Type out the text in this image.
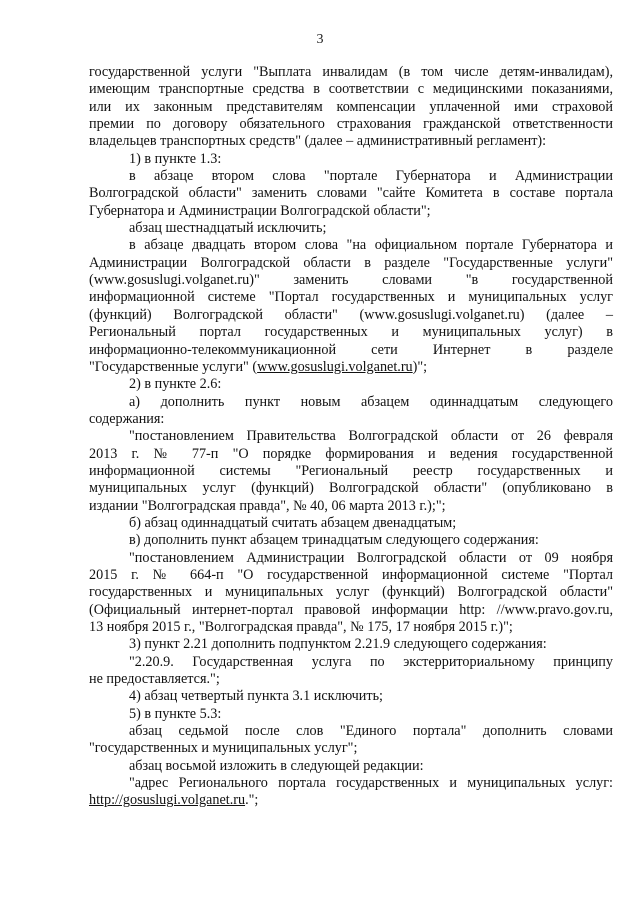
3
государственной услуги "Выплата инвалидам (в том числе детям-инвалидам),
имеющим транспортные средства в соответствии с медицинскими показаниями,
или их законным представителям компенсации уплаченной ими страховой
премии по договору обязательного страхования гражданской ответственности
владельцев транспортных средств" (далее – административный регламент):
1) в пункте 1.3:
в абзаце втором слова "портале Губернатора и Администрации
Волгоградской области" заменить словами "сайте Комитета в составе портала
Губернатора и Администрации Волгоградской области";
абзац шестнадцатый исключить;
в абзаце двадцать втором слова "на официальном портале Губернатора и
Администрации Волгоградской области в разделе "Государственные услуги"
(www.gosuslugi.volganet.ru)" заменить словами "в государственной
информационной системе "Портал государственных и муниципальных услуг
(функций) Волгоградской области" (www.gosuslugi.volganet.ru) (далее –
Региональный портал государственных и муниципальных услуг) в
информационно-телекоммуникационной сети Интернет в разделе
"Государственные услуги" (www.gosuslugi.volganet.ru)";
2) в пункте 2.6:
а) дополнить пункт новым абзацем одиннадцатым следующего
содержания:
"постановлением Правительства Волгоградской области от 26 февраля
2013 г. № 77-п "О порядке формирования и ведения государственной
информационной системы "Региональный реестр государственных и
муниципальных услуг (функций) Волгоградской области" (опубликовано в
издании "Волгоградская правда", № 40, 06 марта 2013 г.);";
б) абзац одиннадцатый считать абзацем двенадцатым;
в) дополнить пункт абзацем тринадцатым следующего содержания:
"постановлением Администрации Волгоградской области от 09 ноября
2015 г. № 664-п "О государственной информационной системе "Портал
государственных и муниципальных услуг (функций) Волгоградской области"
(Официальный интернет-портал правовой информации http: //www.pravo.gov.ru,
13 ноября 2015 г., "Волгоградская правда", № 175, 17 ноября 2015 г.)";
3) пункт 2.21 дополнить подпунктом 2.21.9 следующего содержания:
"2.20.9. Государственная услуга по экстерриториальному принципу
не предоставляется.";
4) абзац четвертый пункта 3.1 исключить;
5) в пункте 5.3:
абзац седьмой после слов "Единого портала" дополнить словами
"государственных и муниципальных услуг";
абзац восьмой изложить в следующей редакции:
"адрес Регионального портала государственных и муниципальных услуг:
http://gosuslugi.volganet.ru.";
